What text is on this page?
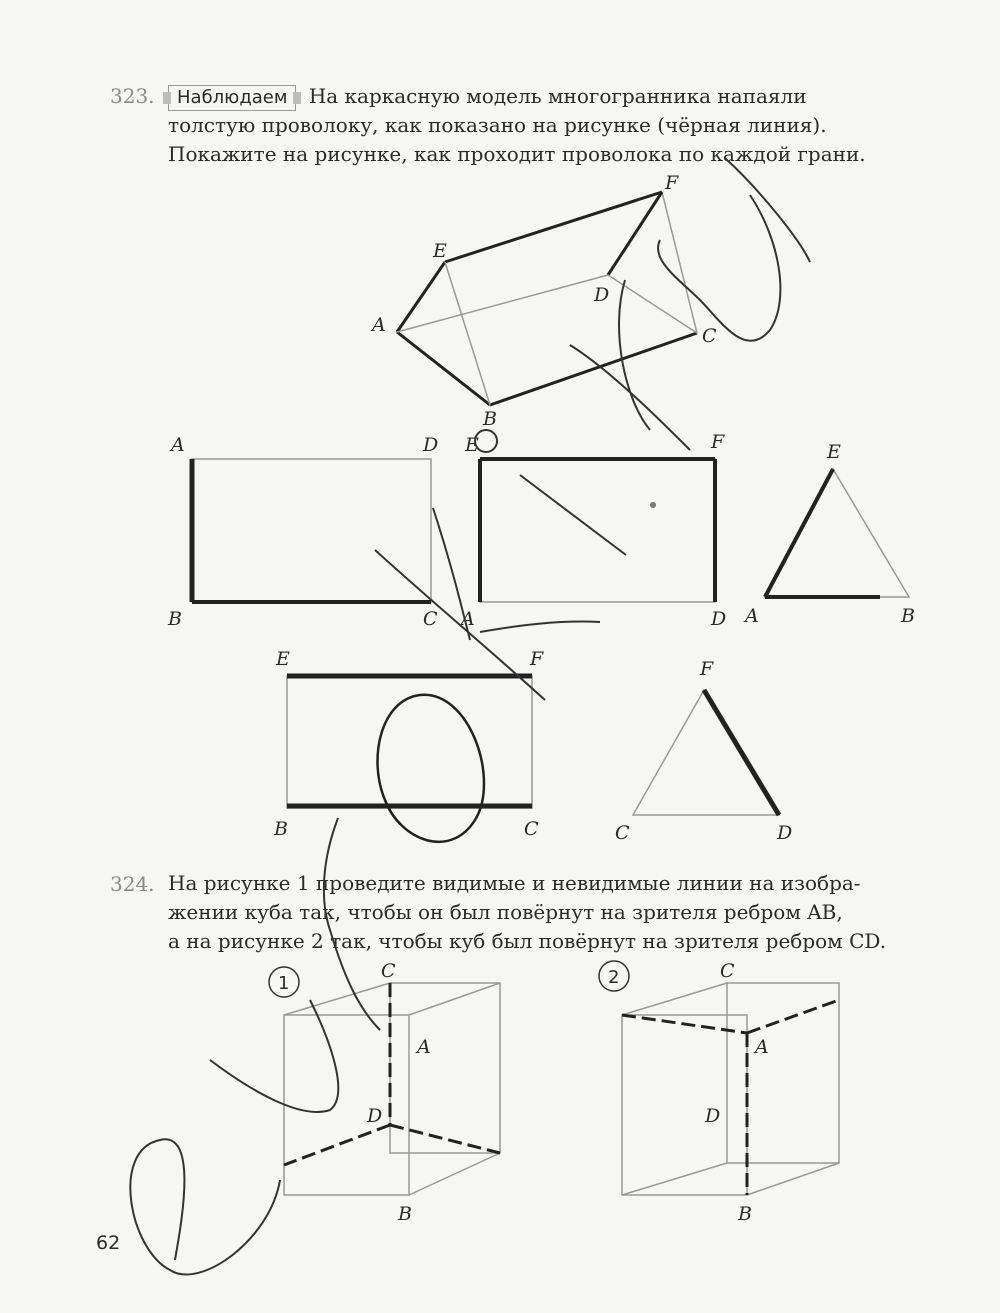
323.	Наблюдаем На каркасную модель многогранника напаяли
толстую проволоку, как показано на рисунке (чёрная линия).
Покажите на рисунке, как проходит проволока по каждой грани.
324. На рисунке 1 проведите видимые и невидимые линии на изобра-
жении куба так, чтобы он был повёрнут на зрителя ребром AB,
а на рисунке 2 так, чтобы куб был повёрнут на зрителя ребром CD.
E
F
D
A	C
B
A	D
B	C
E	F
A	D
E
A	B
E	F
B	C
F
C	D
1
C
A
D
B
2	C
A
D
B
62
